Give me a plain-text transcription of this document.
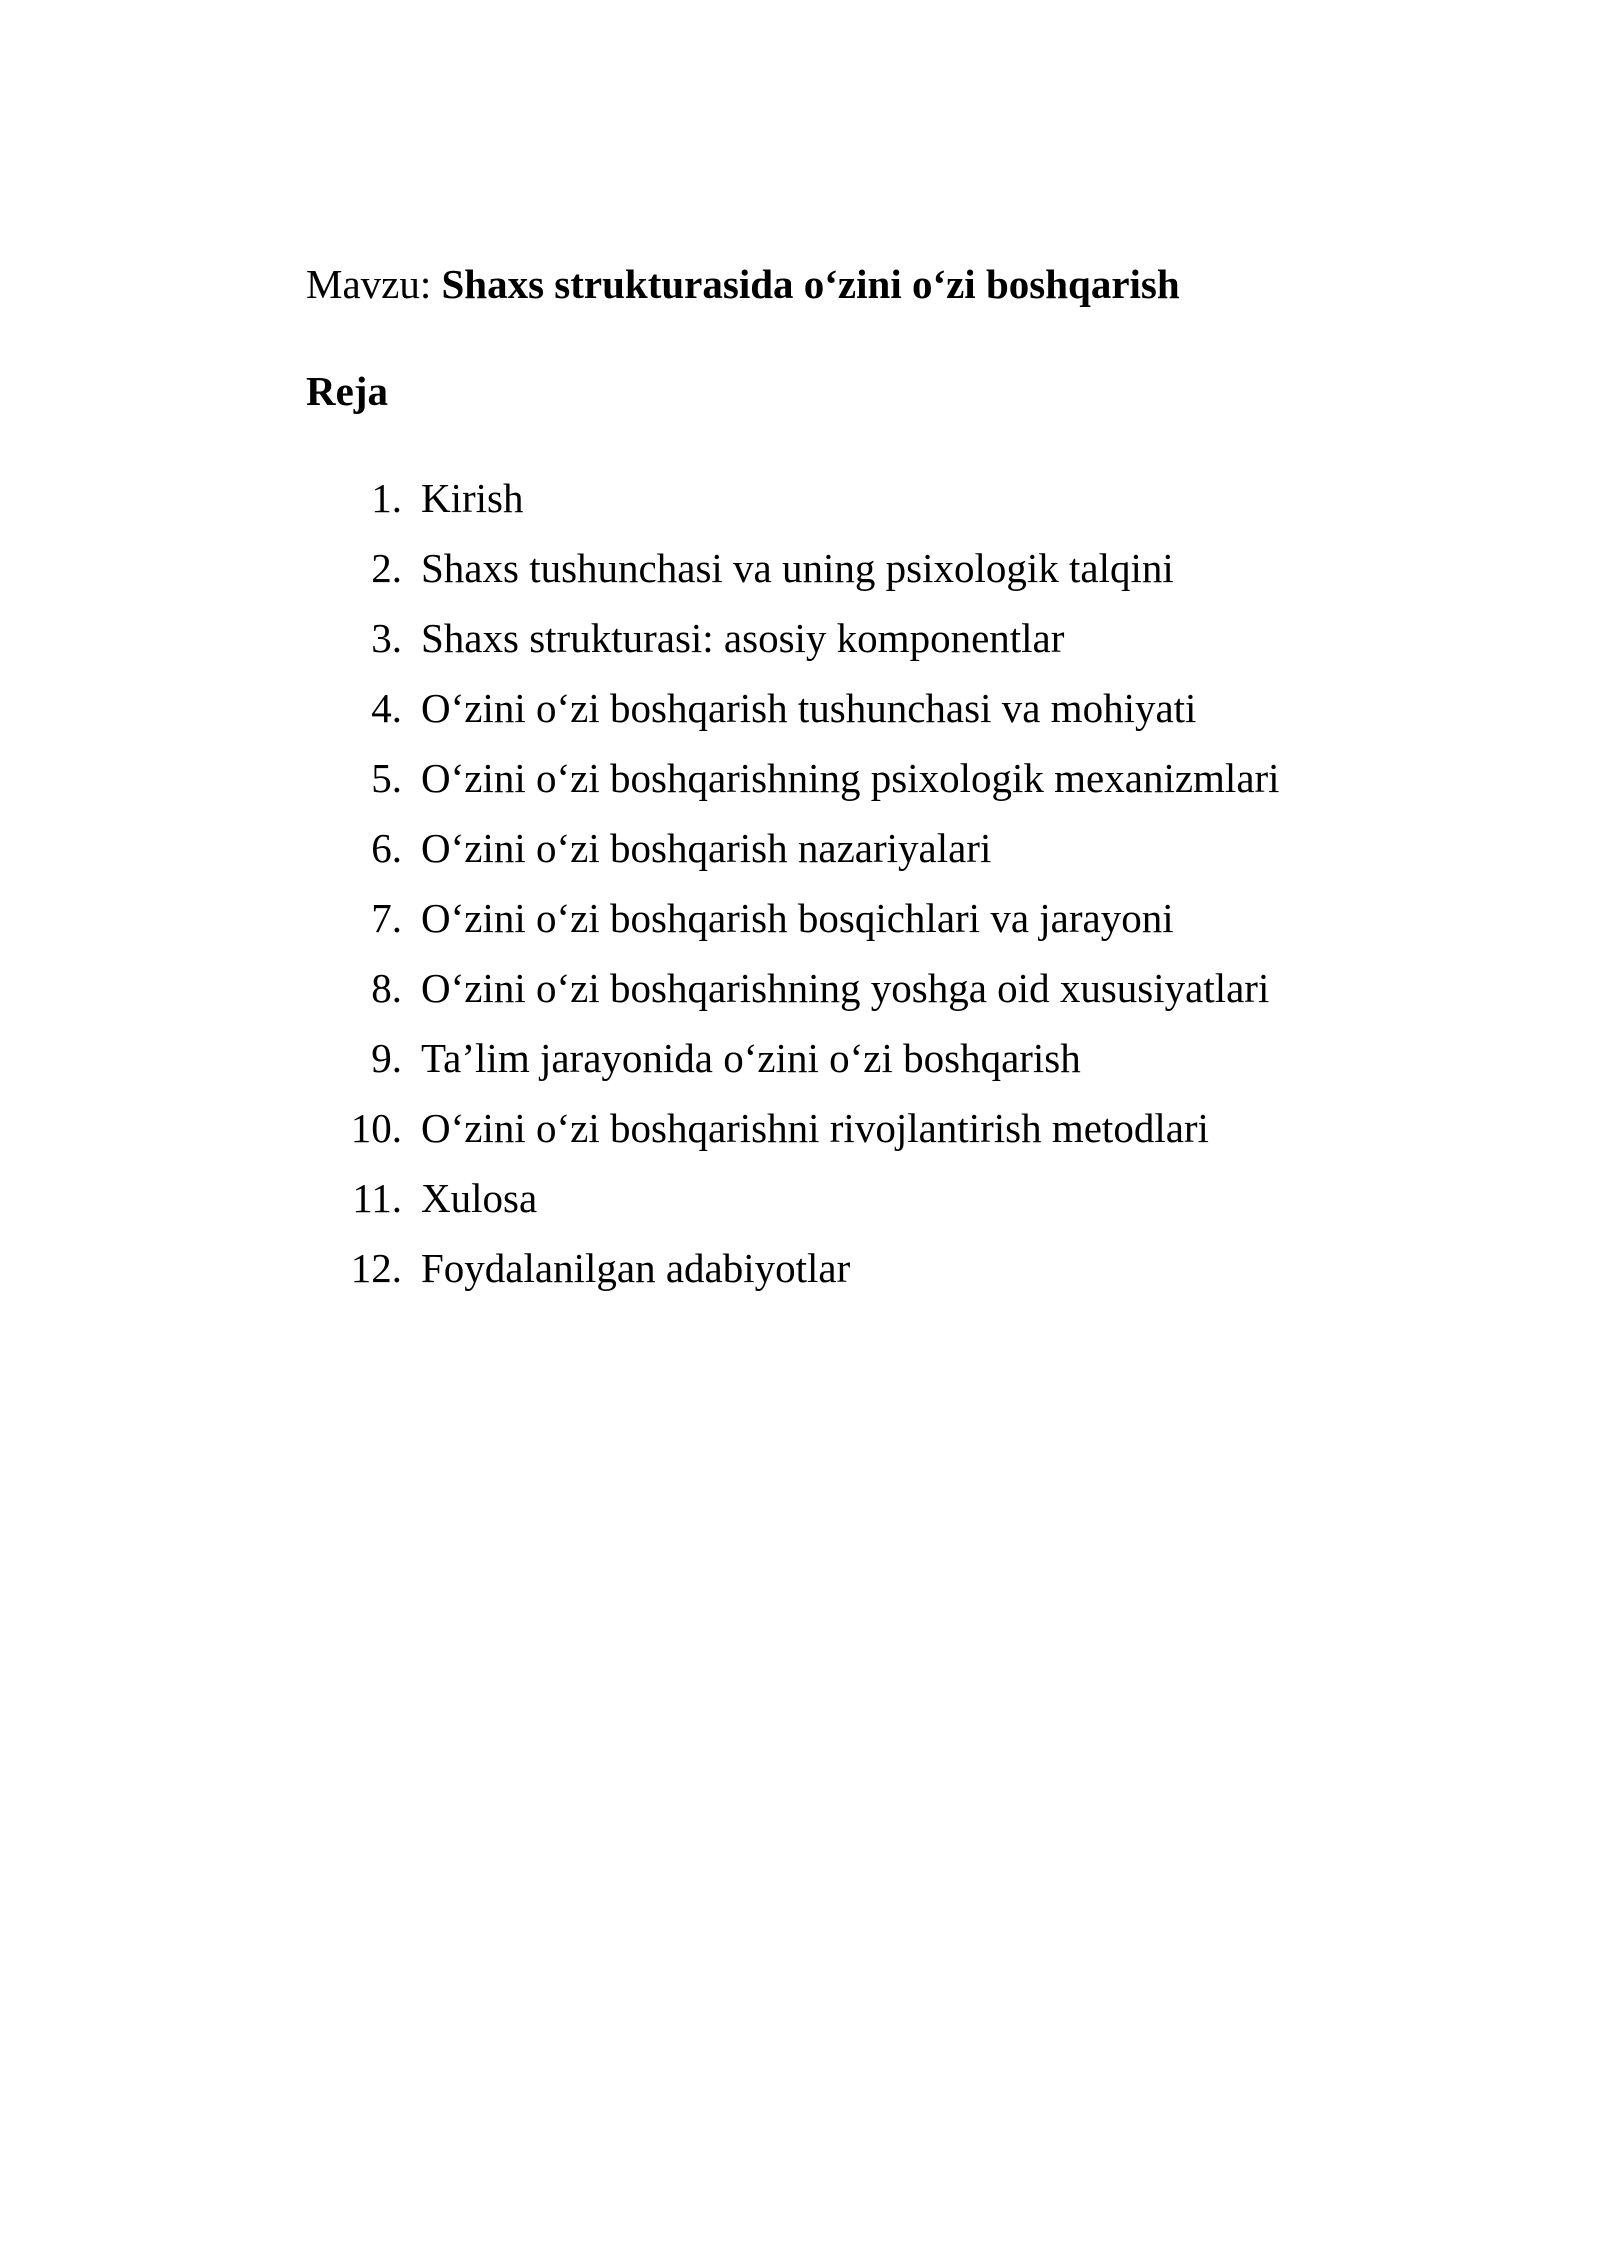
Mavzu: Shaxs strukturasida o‘zini o‘zi boshqarish
Reja
1. Kirish
2. Shaxs tushunchasi va uning psixologik talqini
3. Shaxs strukturasi: asosiy komponentlar
4. O‘zini o‘zi boshqarish tushunchasi va mohiyati
5. O‘zini o‘zi boshqarishning psixologik mexanizmlari
6. O‘zini o‘zi boshqarish nazariyalari
7. O‘zini o‘zi boshqarish bosqichlari va jarayoni
8. O‘zini o‘zi boshqarishning yoshga oid xususiyatlari
9. Ta’lim jarayonida o‘zini o‘zi boshqarish
10. O‘zini o‘zi boshqarishni rivojlantirish metodlari
11. Xulosa
12. Foydalanilgan adabiyotlar
